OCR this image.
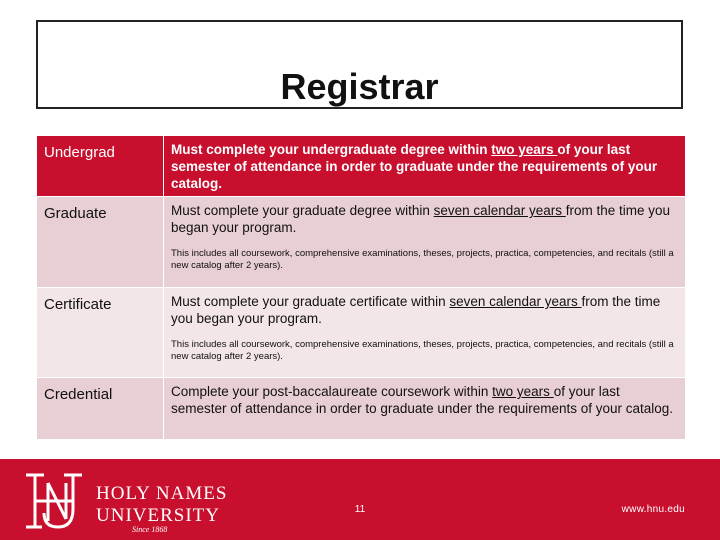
Registrar
Undergrad	Must complete your undergraduate degree within two years of your last semester of attendance in order to graduate under the requirements of your catalog.
Graduate	Must complete your graduate degree within seven calendar years from the time you began your program.
This includes all coursework, comprehensive examinations, theses, projects, practica, competencies, and recitals (still a new catalog after 2 years).

Certificate	Must complete your graduate certificate within seven calendar years from the time you began your program.
This includes all coursework, comprehensive examinations, theses, projects, practica, competencies, and recitals (still a new catalog after 2 years).

Credential	Complete your post-baccalaureate coursework within two years of your last semester of attendance in order to graduate under the requirements of your catalog.
HOLY NAMES
UNIVERSITY
Since 1868
11	www.hnu.edu
